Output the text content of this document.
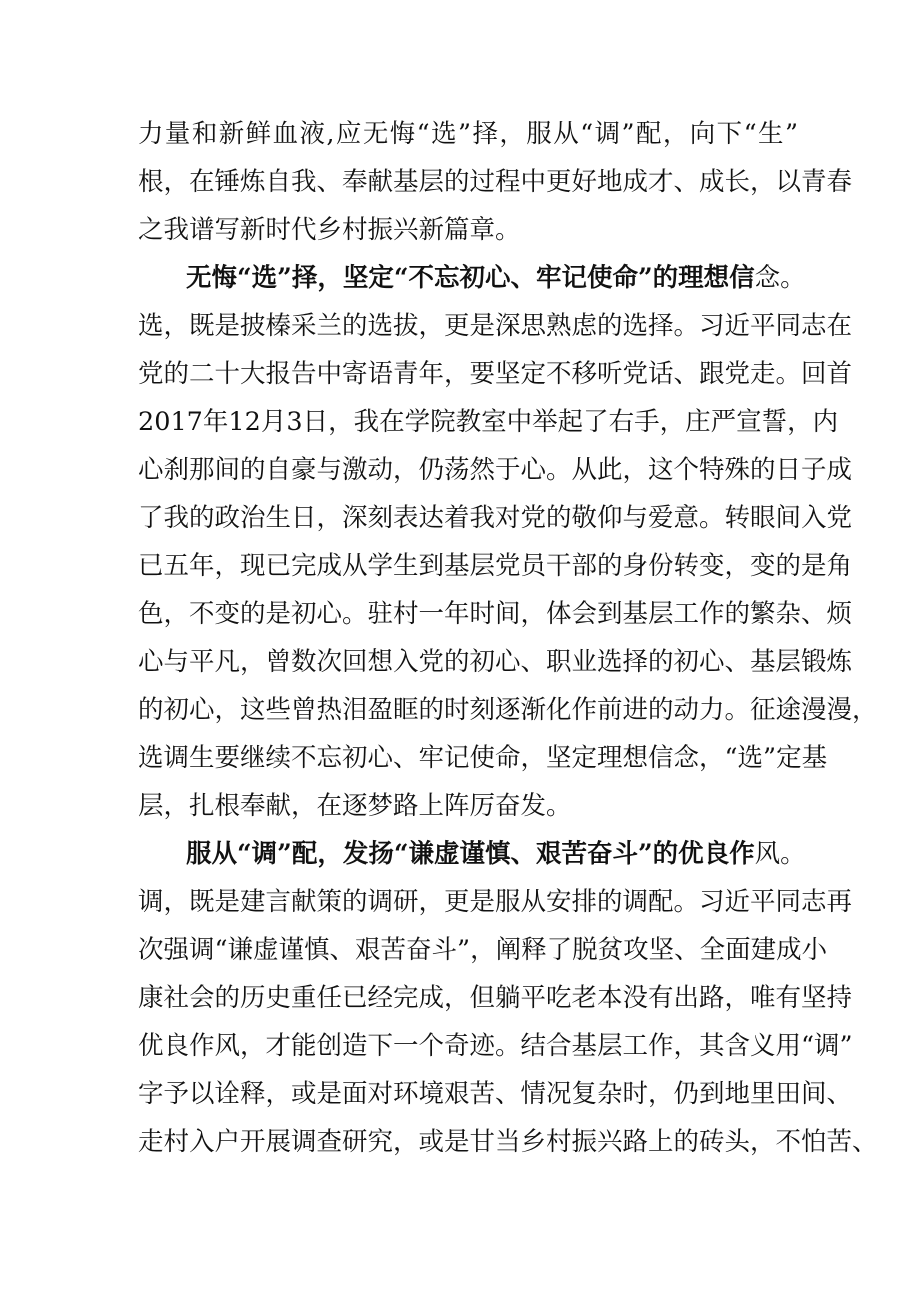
力量和新鲜血液,应无悔“选”择，服从“调”配，向下“生”
根，在锤炼自我、奉献基层的过程中更好地成才、成长，以青春
之我谱写新时代乡村振兴新篇章。
无悔“选”择，坚定“不忘初心、牢记使命”的理想信念。
选，既是披榛采兰的选拔，更是深思熟虑的选择。习近平同志在
党的二十大报告中寄语青年，要坚定不移听党话、跟党走。回首
2017年12月3日，我在学院教室中举起了右手，庄严宣誓，内
心刹那间的自豪与激动，仍荡然于心。从此，这个特殊的日子成
了我的政治生日，深刻表达着我对党的敬仰与爱意。转眼间入党
已五年，现已完成从学生到基层党员干部的身份转变，变的是角
色，不变的是初心。驻村一年时间，体会到基层工作的繁杂、烦
心与平凡，曾数次回想入党的初心、职业选择的初心、基层锻炼
的初心，这些曾热泪盈眶的时刻逐渐化作前进的动力。征途漫漫，
选调生要继续不忘初心、牢记使命，坚定理想信念，“选”定基
层，扎根奉献，在逐梦路上阵厉奋发。
服从“调”配，发扬“谦虚谨慎、艰苦奋斗”的优良作风。
调，既是建言献策的调研，更是服从安排的调配。习近平同志再
次强调“谦虚谨慎、艰苦奋斗”，阐释了脱贫攻坚、全面建成小
康社会的历史重任已经完成，但躺平吃老本没有出路，唯有坚持
优良作风，才能创造下一个奇迹。结合基层工作，其含义用“调”
字予以诠释，或是面对环境艰苦、情况复杂时，仍到地里田间、
走村入户开展调查研究，或是甘当乡村振兴路上的砖头，不怕苦、
